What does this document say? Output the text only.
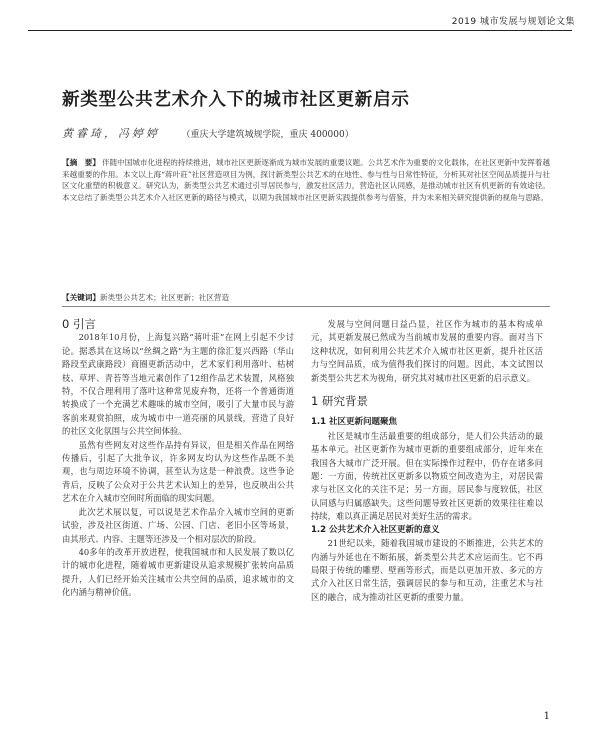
2019 城市发展与规划论文集
新类型公共艺术介入下的城市社区更新启示
黄睿琦，冯婷婷 （重庆大学建筑城规学院，重庆 400000）
【摘　要】 伴随中国城市化进程的持续推进，城市社区更新逐渐成为城市发展的重要议题。公共艺术作为重要的文化载体，在社区更新中发挥着越来越重要的作用。本文以上海“蒋叶莊”社区营造项目为例，探讨新类型公共艺术的在地性、参与性与日常性特征，分析其对社区空间品质提升与社区文化重塑的积极意义。研究认为，新类型公共艺术通过引导居民参与，激发社区活力，营造社区认同感，是推动城市社区有机更新的有效途径。本文总结了新类型公共艺术介入社区更新的路径与模式，以期为我国城市社区更新实践提供参考与借鉴，并为未来相关研究提供新的视角与思路。
【关键词】新类型公共艺术；社区更新；社区营造

0 引言

2018年10月份，上海复兴路“蒋叶莊”在网上引起不少讨论。据悉其在这场以“丝绸之路”为主题的徐汇复兴西路（华山路段至武康路段）商圈更新活动中，艺术家们利用落叶、枯树枝、草坪、青苔等当地元素创作了12组作品艺术装置，风格独特，不仅合理利用了落叶这种常见废弃物，还将一个普通街道转换成了一个充满艺术趣味的城市空间，吸引了大量市民与游客前来观赏拍照，成为城市中一道亮丽的风景线，营造了良好的社区文化氛围与公共空间体验。

虽然有些网友对这些作品持有异议，但是相关作品在网络传播后，引起了大批争议，许多网友均认为这些作品既不美观，也与周边环境不协调，甚至认为这是一种浪费。这些争论背后，反映了公众对于公共艺术认知上的差异，也反映出公共艺术在介入城市空间时所面临的现实问题。

此次艺术展以复，可以说是艺术作品介入城市空间的更新试验，涉及社区街道、广场、公园、门店、老旧小区等场景，由其形式、内容、主题等还涉及一个相对层次的阶段。

40多年的改革开放进程，使我国城市和人民发展了数以亿计的城市化进程，随着城市更新建设从追求规模扩张转向品质提升，人们已经开始关注城市公共空间的品质，追求城市的文化内涵与精神价值。

发展与空间问题日益凸显，社区作为城市的基本构成单元，其更新发展已然成为当前城市发展的重要内容。面对当下这种状况，如何利用公共艺术介入城市社区更新，提升社区活力与空间品质，成为值得我们探讨的问题。因此，本文试图以新类型公共艺术为视角，研究其对城市社区更新的启示意义。

1 研究背景

1.1 社区更新问题聚焦

社区是城市生活最重要的组成部分，是人们公共活动的最基本单元。社区更新作为城市更新的重要组成部分，近年来在我国各大城市广泛开展。但在实际操作过程中，仍存在诸多问题：一方面，传统社区更新多以物质空间改造为主，对居民需求与社区文化的关注不足；另一方面，居民参与度较低，社区认同感与归属感缺失。这些问题导致社区更新的效果往往难以持续，难以真正满足居民对美好生活的需求。

1.2 公共艺术介入社区更新的意义

21世纪以来，随着我国城市建设的不断推进，公共艺术的内涵与外延也在不断拓展，新类型公共艺术应运而生。它不再局限于传统的雕塑、壁画等形式，而是以更加开放、多元的方式介入社区日常生活，强调居民的参与和互动，注重艺术与社区的融合，成为推动社区更新的重要力量。

1
